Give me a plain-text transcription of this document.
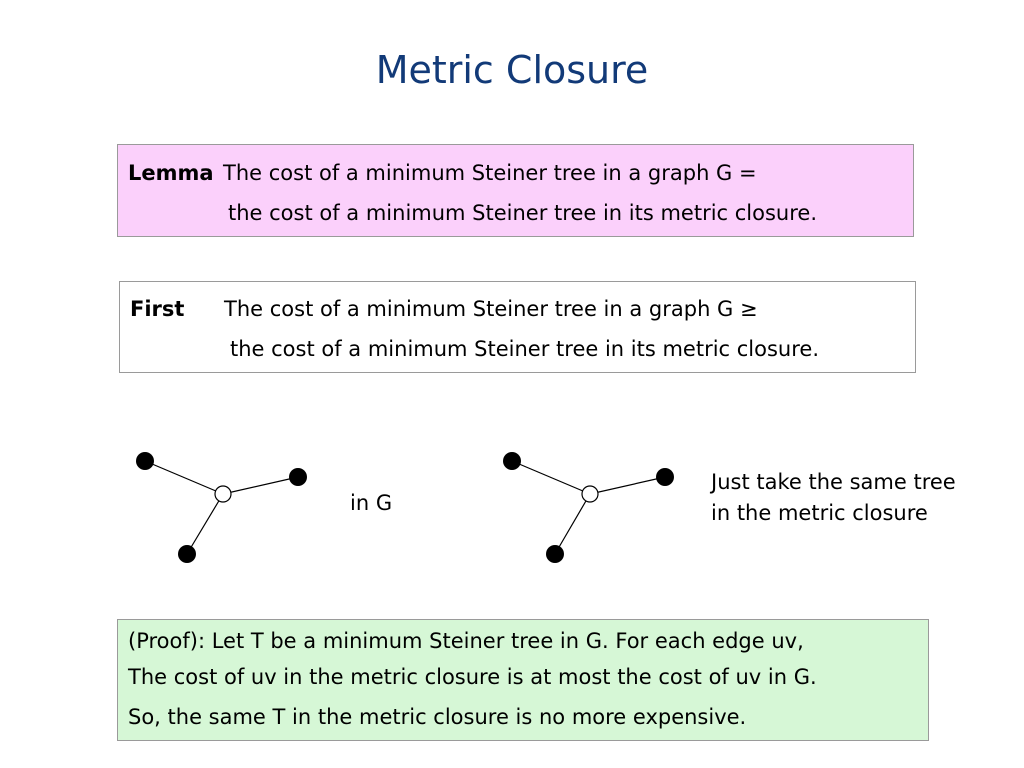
Metric Closure
Lemma The cost of a minimum Steiner tree in a graph G =
the cost of a minimum Steiner tree in its metric closure.
First The cost of a minimum Steiner tree in a graph G ≥
the cost of a minimum Steiner tree in its metric closure.
in G
Just take the same tree
in the metric closure
(Proof): Let T be a minimum Steiner tree in G. For each edge uv,
The cost of uv in the metric closure is at most the cost of uv in G.
So, the same T in the metric closure is no more expensive.
